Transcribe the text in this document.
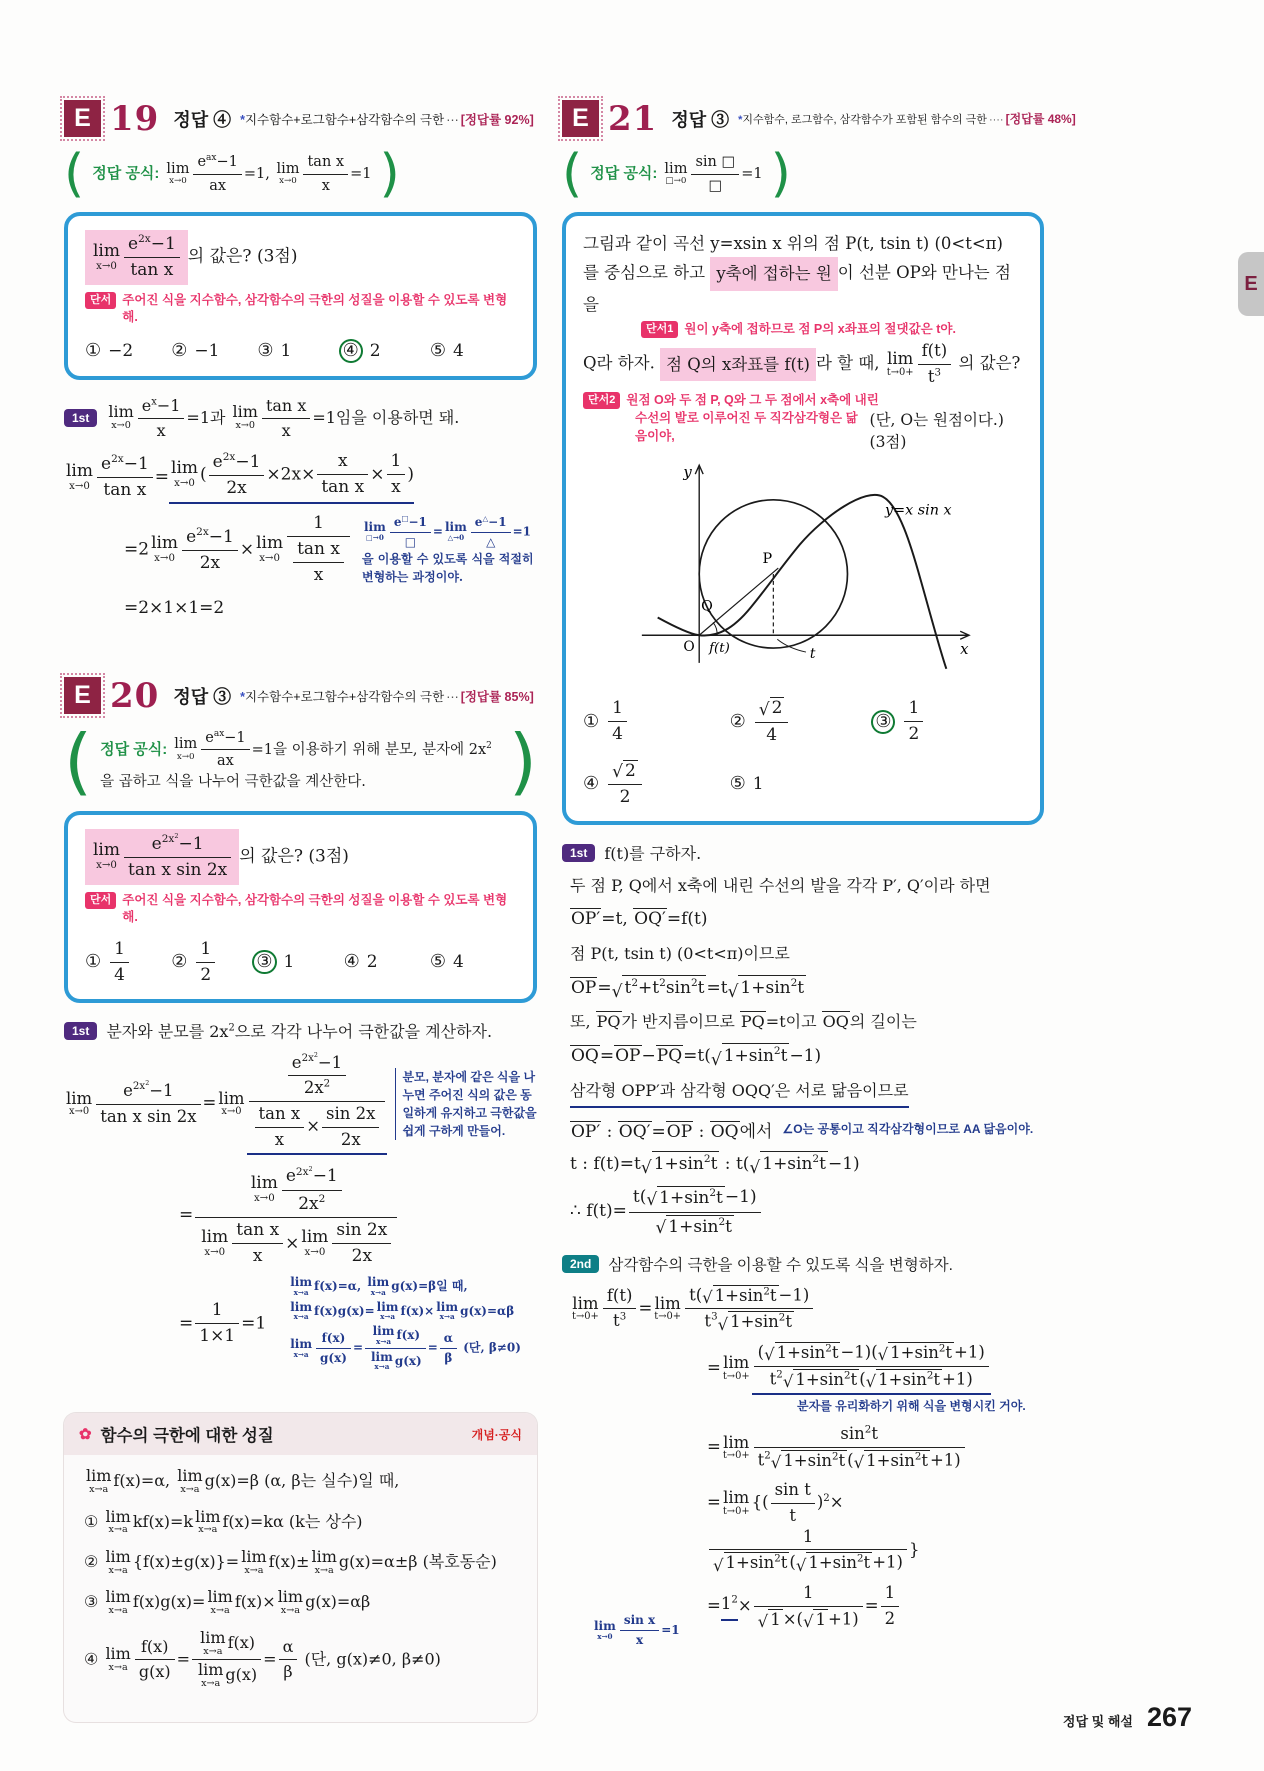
E 19 정답 ④ *지수함수+로그함수+삼각함수의 극한 ⋯ [정답률 92%]
( 정답 공식: lim
x→0
$e^{ax}-1$
ax
=1, lim
$x\to 0 \frac{\text{tan x}}{x} =1$ )
lim
$x\to 0 \frac{e^{2x}-1}{\text{tan x}}$ 의 값은? (3점)
단서 주어진 식을 지수함수, 삼각함수의 극한의 성질을 이용할 수 있도록 변형해.
① −2 ② −1 ③ 1	④ 2	⑤ 4
1st	lim
$x\to 0 \frac{e^x-1}{x} =1$과 lim
$x\to 0 \frac{\text{tan x}}{x} =1$임을 이용하면 돼.
lim
$x\to 0 \frac{e^{2x}-1}{\text{tan x}} = \lim$
x→0 ( $\frac{e^{2x}-1}{2x} \times 2x\times \frac{x}{\text{tan x}} \times \frac{1}{x}$ )
=2 lim
$x\to 0 \frac{e^{2x}-1}{2x} \times \lim$
$x\to 0 \frac{1}{\frac{\text{tan x}}{x}}$ lim
□→0
e□−1
□
= lim
△→0
e△−1
△
=1을 이용할 수 있도록 식을 적절히 변형하는 과정이야.
=2×1×1=2
E 20 정답 ③ *지수함수+로그함수+삼각함수의 극한 ⋯ [정답률 85%]
( 정답 공식: lim
x→0
$e^{ax}-1$
ax
=1을 이용하기 위해 분모, 분자에 $2x^2$을 곱하고 식을 나누어 극한값을 계산한다.	)
lim
$x\to 0 \frac{e^{2x^2}-1}{\text{tan x sin 2x}}$ 의 값은? (3점)
단서 주어진 식을 지수함수, 삼각함수의 극한의 성질을 이용할 수 있도록 변형해.
① $\frac{1}{4}$ ② $\frac{1}{2}$ ③ 1	④ 2	⑤ 4
1st	분자와 분모를 $2x^2$으로 각각 나누어 극한값을 계산하자.
lim
$x\to 0 \frac{e^{2x^2}-1}{\text{tan x sin 2x}} = \lim$
$x\to 0 \frac{\frac{e^{2x^2}-1}{2x^2}}{\frac{\text{tan x}}{x} \times \frac{\sin 2x}{2x}}$	분모, 분자에 같은 식을 나누면 주어진 식의 값은 동일하게 유지하고 극한값을 쉽게 구하게 만들어.
= lim
$x\to 0 \frac{e^{2x^2}-1}{2x^2}$
lim
$x\to 0 \frac{\text{tan x}}{x} \times \lim$
$x\to 0 \frac{\sin 2x}{2x}$
= $\frac{1}{1\times 1} =1$
lim
x→a f(x)=α, lim
x→a g(x)=β일 때,
lim
x→a f(x)g(x)= lim
x→a f(x)× lim
x→a g(x)=αβ
lim
$x\to a \frac{f(x)}{g(x)} = \lim$
x→a f(x)
lim
x→a $g(x) = \frac{\alpha}{\beta}$ (단, β≠0)
✿ 함수의 극한에 대한 성질	개념·공식
lim
x→a f(x)=α, lim
x→a g(x)=β (α, β는 실수)일 때,
① lim
x→a kf(x)=k lim
x→a f(x)=kα (k는 상수)
② lim
x→a {f(x)±g(x)}= lim
x→a f(x)± lim
x→a g(x)=α±β (복호동순)
③ lim
x→a f(x)g(x)= lim
x→a f(x)× lim
x→a g(x)=αβ
④ lim
$x\to a \frac{f(x)}{g(x)} = \lim$
x→a f(x)
lim
x→a $g(x) = \frac{\alpha}{\beta}$ (단, g(x)≠0, β≠0)
E 21 정답 ③ *지수함수, 로그함수, 삼각함수가 포함된 함수의 극한 ···· [정답률 48%]
( 정답 공식: lim
□→0
sin □
□
=1 )
그림과 같이 곡선 y=xsin x 위의 점 P(t, tsin t) (0<t<π)
를 중심으로 하고 y축에 접하는 원 이 선분 OP와 만나는 점을
단서1 원이 y축에 접하므로 점 P의 x좌표의 절댓값은 t야.
Q라 하자. 점 Q의 x좌표를 f(t) 라 할 때, lim
$t\to 0+ \frac{f(t)}{t^3}$ 의 값은?
단서2 원점 O와 두 점 P, Q와 그 두 점에서 x축에 내린
수선의 발로 이루어진 두 직각삼각형은 닮음이야,
(단, O는 원점이다.) (3점)
y
x
O f(t)	t
P
Q
y=x sin x
① $\frac{1}{4}$	② $\frac{√ 2}{4}$	③ $\frac{1}{2}$
④ $\frac{√ 2}{2}$	⑤ 1
1st	f(t)를 구하자.
두 점 P, Q에서 x축에 내린 수선의 발을 각각 P′, Q′이라 하면
OP′=t, OQ′=f(t)
점 P(t, tsin t) (0<t<π)이므로
OP= √ $t^2+t^2\sin^2t =t$ √ $1+\sin^2t$
또, PQ가 반지름이므로 PQ=t이고 OQ의 길이는
OQ=OP−PQ=t( √ $1+\sin^2t -1$)
삼각형 OPP′과 삼각형 OQQ′은 서로 닮음이므로
OP′ : OQ′=OP : OQ에서 ∠O는 공통이고 직각삼각형이므로 AA 닮음이야.
t : f(t)=t √ $1+\sin^2t$ : t( √ $1+\sin^2t -1$)
∴ $f(t)= \frac{t( √ 1+\sin^2t -1)}{√ 1+\sin^2t}$
2nd	삼각함수의 극한을 이용할 수 있도록 식을 변형하자.
lim
$t\to 0+ \frac{f(t)}{t^3} = \lim$
$t\to 0+ \frac{t( √ 1+\sin^2t -1)}{t^3 √ 1+\sin^2t}$
= lim
$t\to 0+ \frac{( √ 1+\sin^2t -1)( √ 1+\sin^2t +1)}{t^2 √ 1+\sin^2t ( √ 1+\sin^2t +1)}$
분자를 유리화하기 위해 식을 변형시킨 거야.
= lim
$t\to 0+ \frac{\sin^2t}{t^2 √ 1+\sin^2t ( √ 1+\sin^2t +1)}$
= lim
t→0+ {( $\frac{\text{sin t}}{t} )^2\times$
$\frac{1}{√ 1+\sin^2t ( √ 1+\sin^2t +1)}$ }
$=1^2\times \frac{1}{√ 1 \times( √ 1 +1)} = \frac{1}{2}$
lim
$x\to 0 \frac{\text{sin x}}{x} =1$
E
정답 및 해설 267
